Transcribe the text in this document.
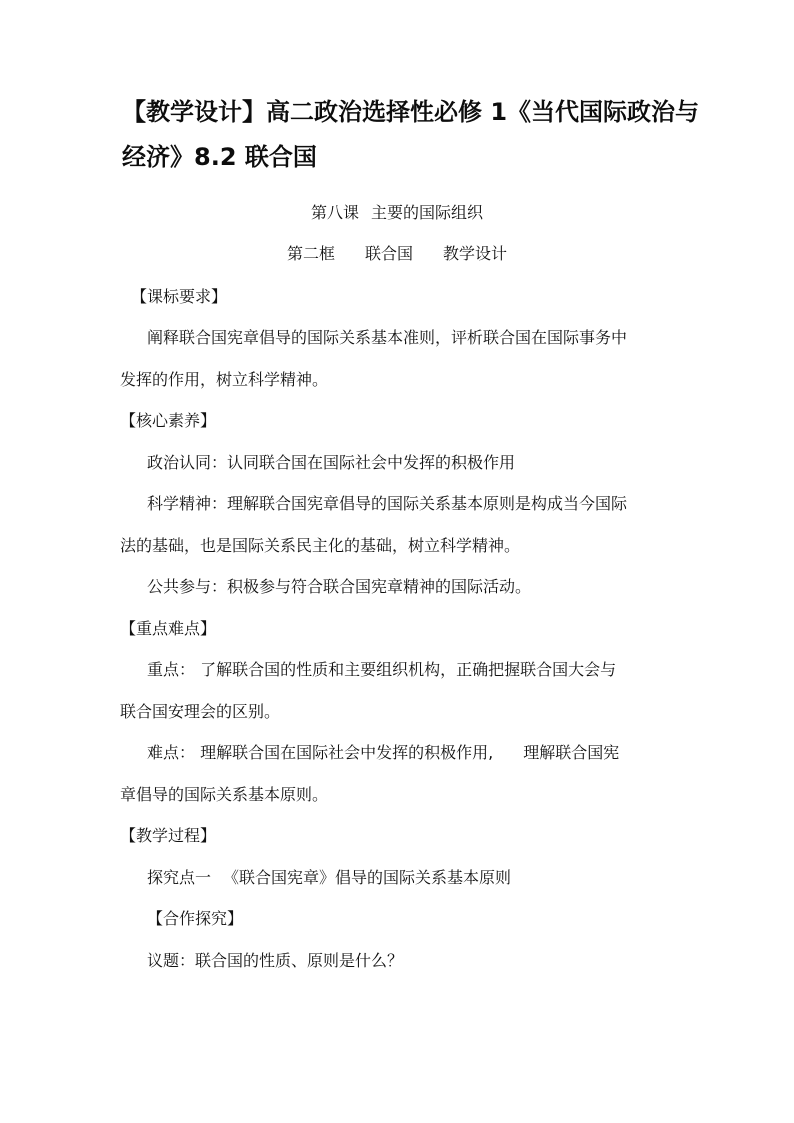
【教学设计】高二政治选择性必修 1《当代国际政治与
经济》8.2 联合国
第八课 主要的国际组织
第二框 联合国 教学设计
【课标要求】
阐释联合国宪章倡导的国际关系基本准则，评析联合国在国际事务中
发挥的作用，树立科学精神。
【核心素养】
政治认同：认同联合国在国际社会中发挥的积极作用
科学精神：理解联合国宪章倡导的国际关系基本原则是构成当今国际
法的基础，也是国际关系民主化的基础，树立科学精神。
公共参与：积极参与符合联合国宪章精神的国际活动。
【重点难点】
重点： 了解联合国的性质和主要组织机构，正确把握联合国大会与
联合国安理会的区别。
难点： 理解联合国在国际社会中发挥的积极作用, 理解联合国宪
章倡导的国际关系基本原则。
【教学过程】
探究点一 《联合国宪章》倡导的国际关系基本原则
【合作探究】
议题：联合国的性质、原则是什么？
